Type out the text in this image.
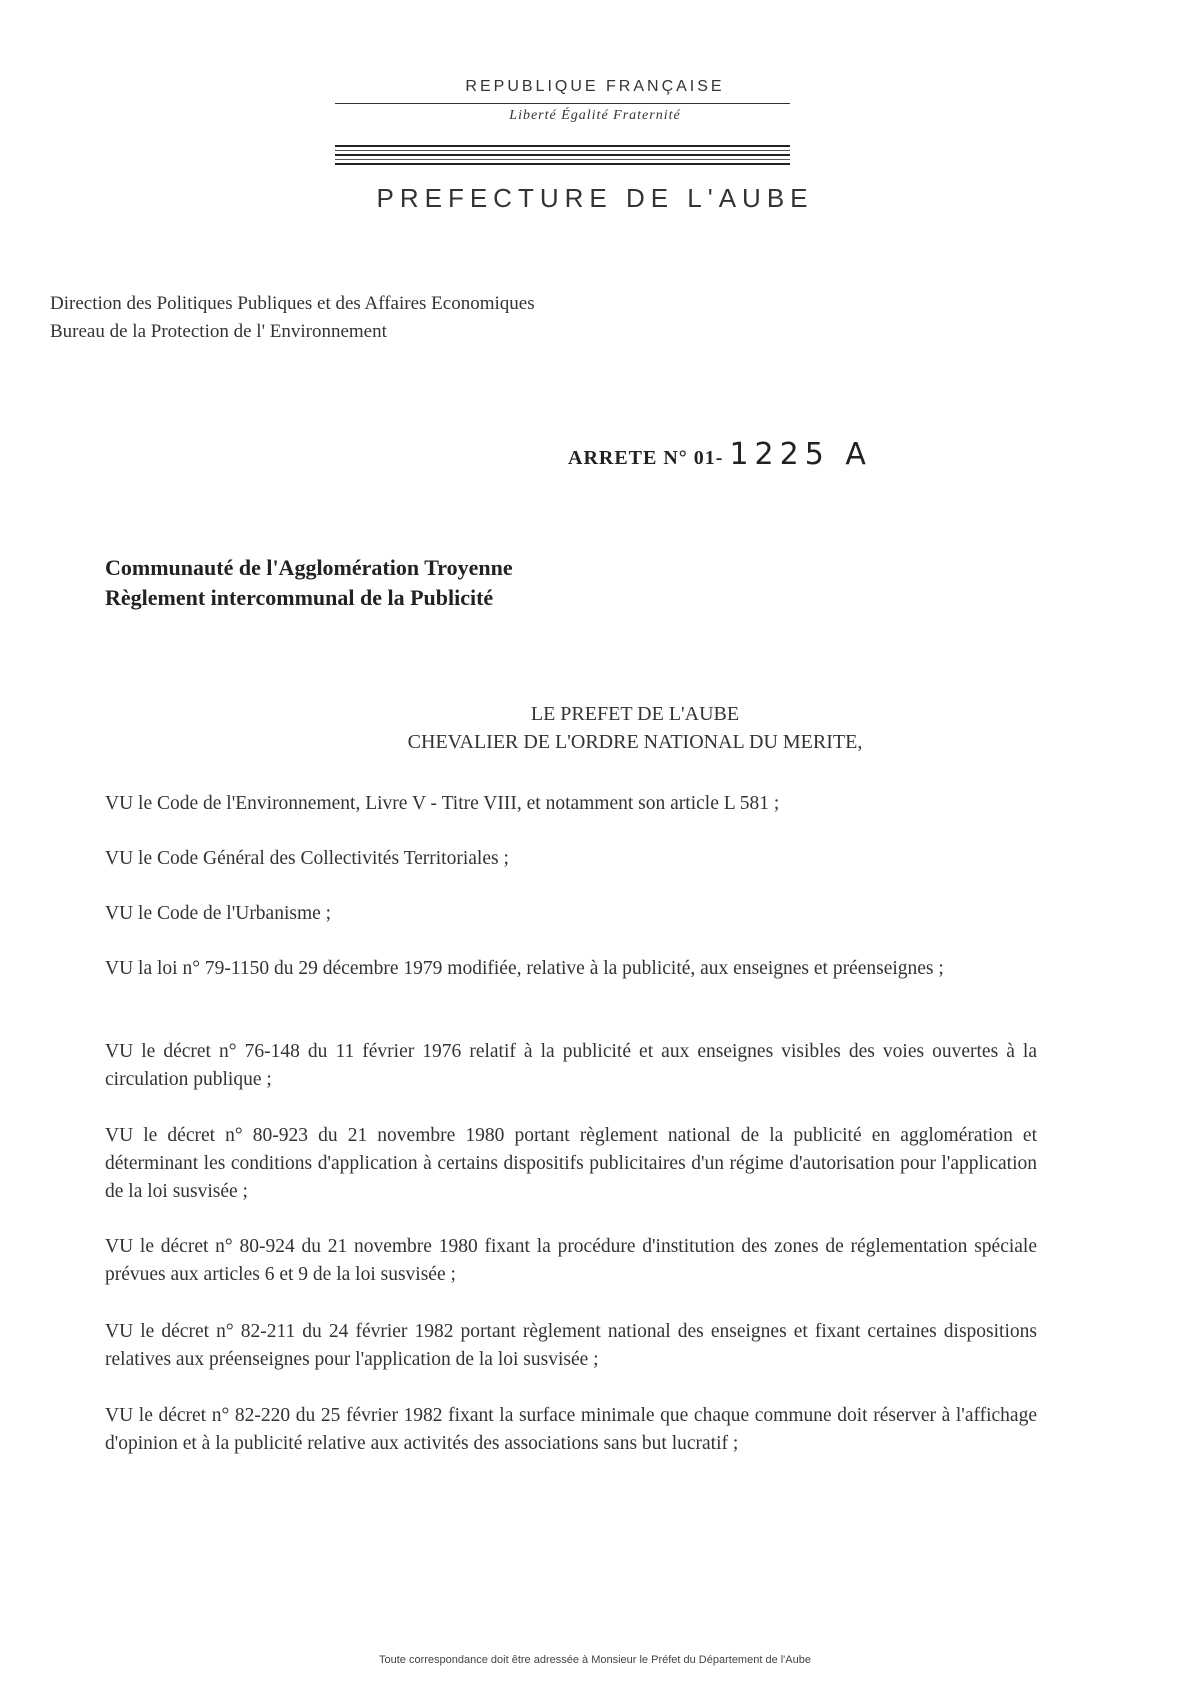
REPUBLIQUE FRANÇAISE
Liberté Égalité Fraternité
PREFECTURE DE L'AUBE
Direction des Politiques Publiques et des Affaires Economiques
Bureau de la Protection de l' Environnement
ARRETE N° 01- 1225 A
Communauté de l'Agglomération Troyenne
Règlement intercommunal de la Publicité
LE PREFET DE L'AUBE
CHEVALIER DE L'ORDRE NATIONAL DU MERITE,
VU le Code de l'Environnement, Livre V - Titre VIII, et notamment son article L 581 ;
VU le Code Général des Collectivités Territoriales ;
VU le Code de l'Urbanisme ;
VU la loi n° 79-1150 du 29 décembre 1979 modifiée, relative à la publicité, aux enseignes et préenseignes ;
VU le décret n° 76-148 du 11 février 1976 relatif à la publicité et aux enseignes visibles des voies ouvertes à la circulation publique ;
VU le décret n° 80-923 du 21 novembre 1980 portant règlement national de la publicité en agglomération et déterminant les conditions d'application à certains dispositifs publicitaires d'un régime d'autorisation pour l'application de la loi susvisée ;
VU le décret n° 80-924 du 21 novembre 1980 fixant la procédure d'institution des zones de réglementation spéciale prévues aux articles 6 et 9 de la loi susvisée ;
VU le décret n° 82-211 du 24 février 1982 portant règlement national des enseignes et fixant certaines dispositions relatives aux préenseignes pour l'application de la loi susvisée ;
VU le décret n° 82-220 du 25 février 1982 fixant la surface minimale que chaque commune doit réserver à l'affichage d'opinion et à la publicité relative aux activités des associations sans but lucratif ;
Toute correspondance doit être adressée à Monsieur le Préfet du Département de l'Aube
